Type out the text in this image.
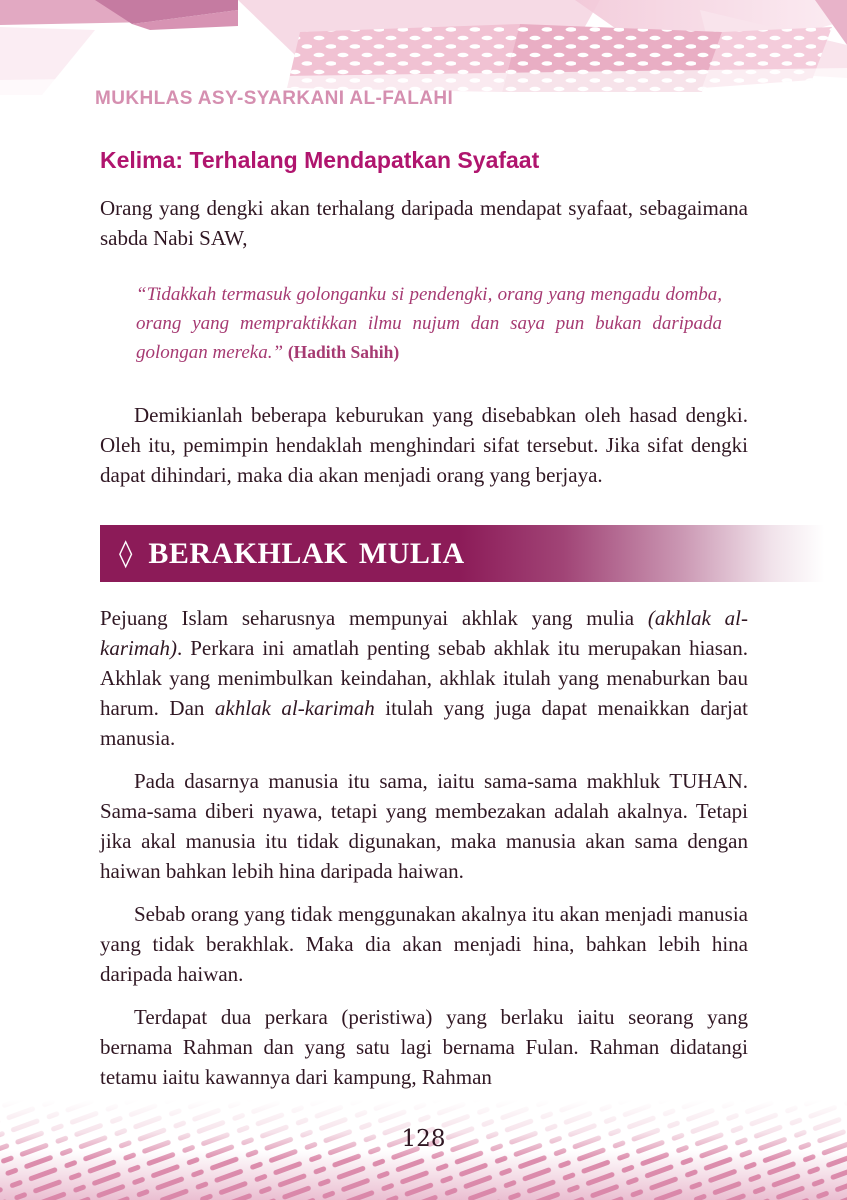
MUKHLAS ASY-SYARKANI AL-FALAHI
Kelima: Terhalang Mendapatkan Syafaat

Orang yang dengki akan terhalang daripada mendapat syafaat, sebagaimana sabda Nabi SAW,

“Tidakkah termasuk golonganku si pendengki, orang yang mengadu domba, orang yang mempraktikkan ilmu nujum dan saya pun bukan daripada golongan mereka.” (Hadith Sahih)

Demikianlah beberapa keburukan yang disebabkan oleh hasad dengki. Oleh itu, pemimpin hendaklah menghindari sifat tersebut. Jika sifat dengki dapat dihindari, maka dia akan menjadi orang yang berjaya.

◊ BERAKHLAK MULIA

Pejuang Islam seharusnya mempunyai akhlak yang mulia (akhlak al-karimah). Perkara ini amatlah penting sebab akhlak itu merupakan hiasan. Akhlak yang menimbulkan keindahan, akhlak itulah yang menaburkan bau harum. Dan akhlak al-karimah itulah yang juga dapat menaikkan darjat manusia.

Pada dasarnya manusia itu sama, iaitu sama-sama makhluk TUHAN. Sama-sama diberi nyawa, tetapi yang membezakan adalah akalnya. Tetapi jika akal manusia itu tidak digunakan, maka manusia akan sama dengan haiwan bahkan lebih hina daripada haiwan.

Sebab orang yang tidak menggunakan akalnya itu akan menjadi manusia yang tidak berakhlak. Maka dia akan menjadi hina, bahkan lebih hina daripada haiwan.

Terdapat dua perkara (peristiwa) yang berlaku iaitu seorang yang bernama Rahman dan yang satu lagi bernama Fulan. Rahman didatangi tetamu iaitu kawannya dari kampung, Rahman

128
